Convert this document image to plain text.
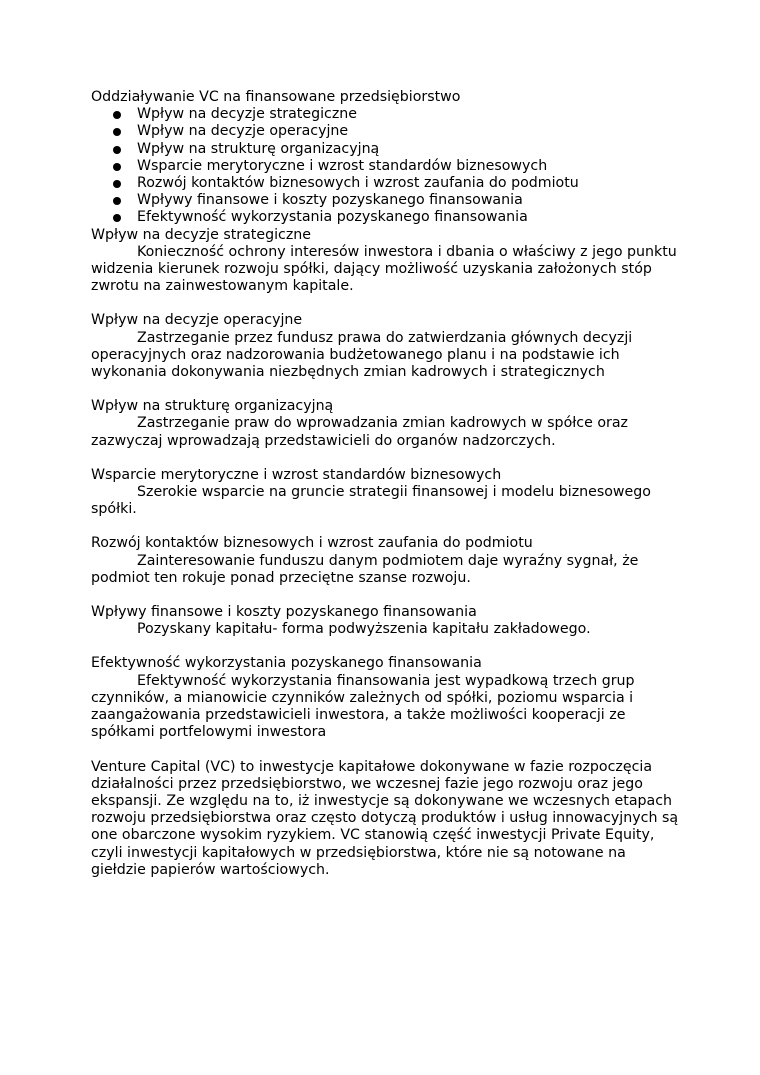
Oddziaływanie VC na finansowane przedsiębiorstwo

Wpływ na decyzje strategiczne
Wpływ na decyzje operacyjne
Wpływ na strukturę organizacyjną
Wsparcie merytoryczne i wzrost standardów biznesowych
Rozwój kontaktów biznesowych i wzrost zaufania do podmiotu
Wpływy finansowe i koszty pozyskanego finansowania
Efektywność wykorzystania pozyskanego finansowania

Wpływ na decyzje strategiczne

Konieczność ochrony interesów inwestora i dbania o właściwy z jego punktu widzenia kierunek rozwoju spółki, dający możliwość uzyskania założonych stóp zwrotu na zainwestowanym kapitale.

Wpływ na decyzje operacyjne

Zastrzeganie przez fundusz prawa do zatwierdzania głównych decyzji operacyjnych oraz nadzorowania budżetowanego planu i na podstawie ich wykonania dokonywania niezbędnych zmian kadrowych i strategicznych

Wpływ na strukturę organizacyjną

Zastrzeganie praw do wprowadzania zmian kadrowych w spółce oraz zazwyczaj wprowadzają przedstawicieli do organów nadzorczych.

Wsparcie merytoryczne i wzrost standardów biznesowych

Szerokie wsparcie na gruncie strategii finansowej i modelu biznesowego spółki.

Rozwój kontaktów biznesowych i wzrost zaufania do podmiotu

Zainteresowanie funduszu danym podmiotem daje wyraźny sygnał, że podmiot ten rokuje ponad przeciętne szanse rozwoju.

Wpływy finansowe i koszty pozyskanego finansowania

Pozyskany kapitału- forma podwyższenia kapitału zakładowego.

Efektywność wykorzystania pozyskanego finansowania

Efektywność wykorzystania finansowania jest wypadkową trzech grup czynników, a mianowicie czynników zależnych od spółki, poziomu wsparcia i zaangażowania przedstawicieli inwestora, a także możliwości kooperacji ze spółkami portfelowymi inwestora

Venture Capital (VC) to inwestycje kapitałowe dokonywane w fazie rozpoczęcia działalności przez przedsiębiorstwo, we wczesnej fazie jego rozwoju oraz jego ekspansji. Ze względu na to, iż inwestycje są dokonywane we wczesnych etapach rozwoju przedsiębiorstwa oraz często dotyczą produktów i usług innowacyjnych są one obarczone wysokim ryzykiem. VC stanowią część inwestycji Private Equity, czyli inwestycji kapitałowych w przedsiębiorstwa, które nie są notowane na giełdzie papierów wartościowych.
